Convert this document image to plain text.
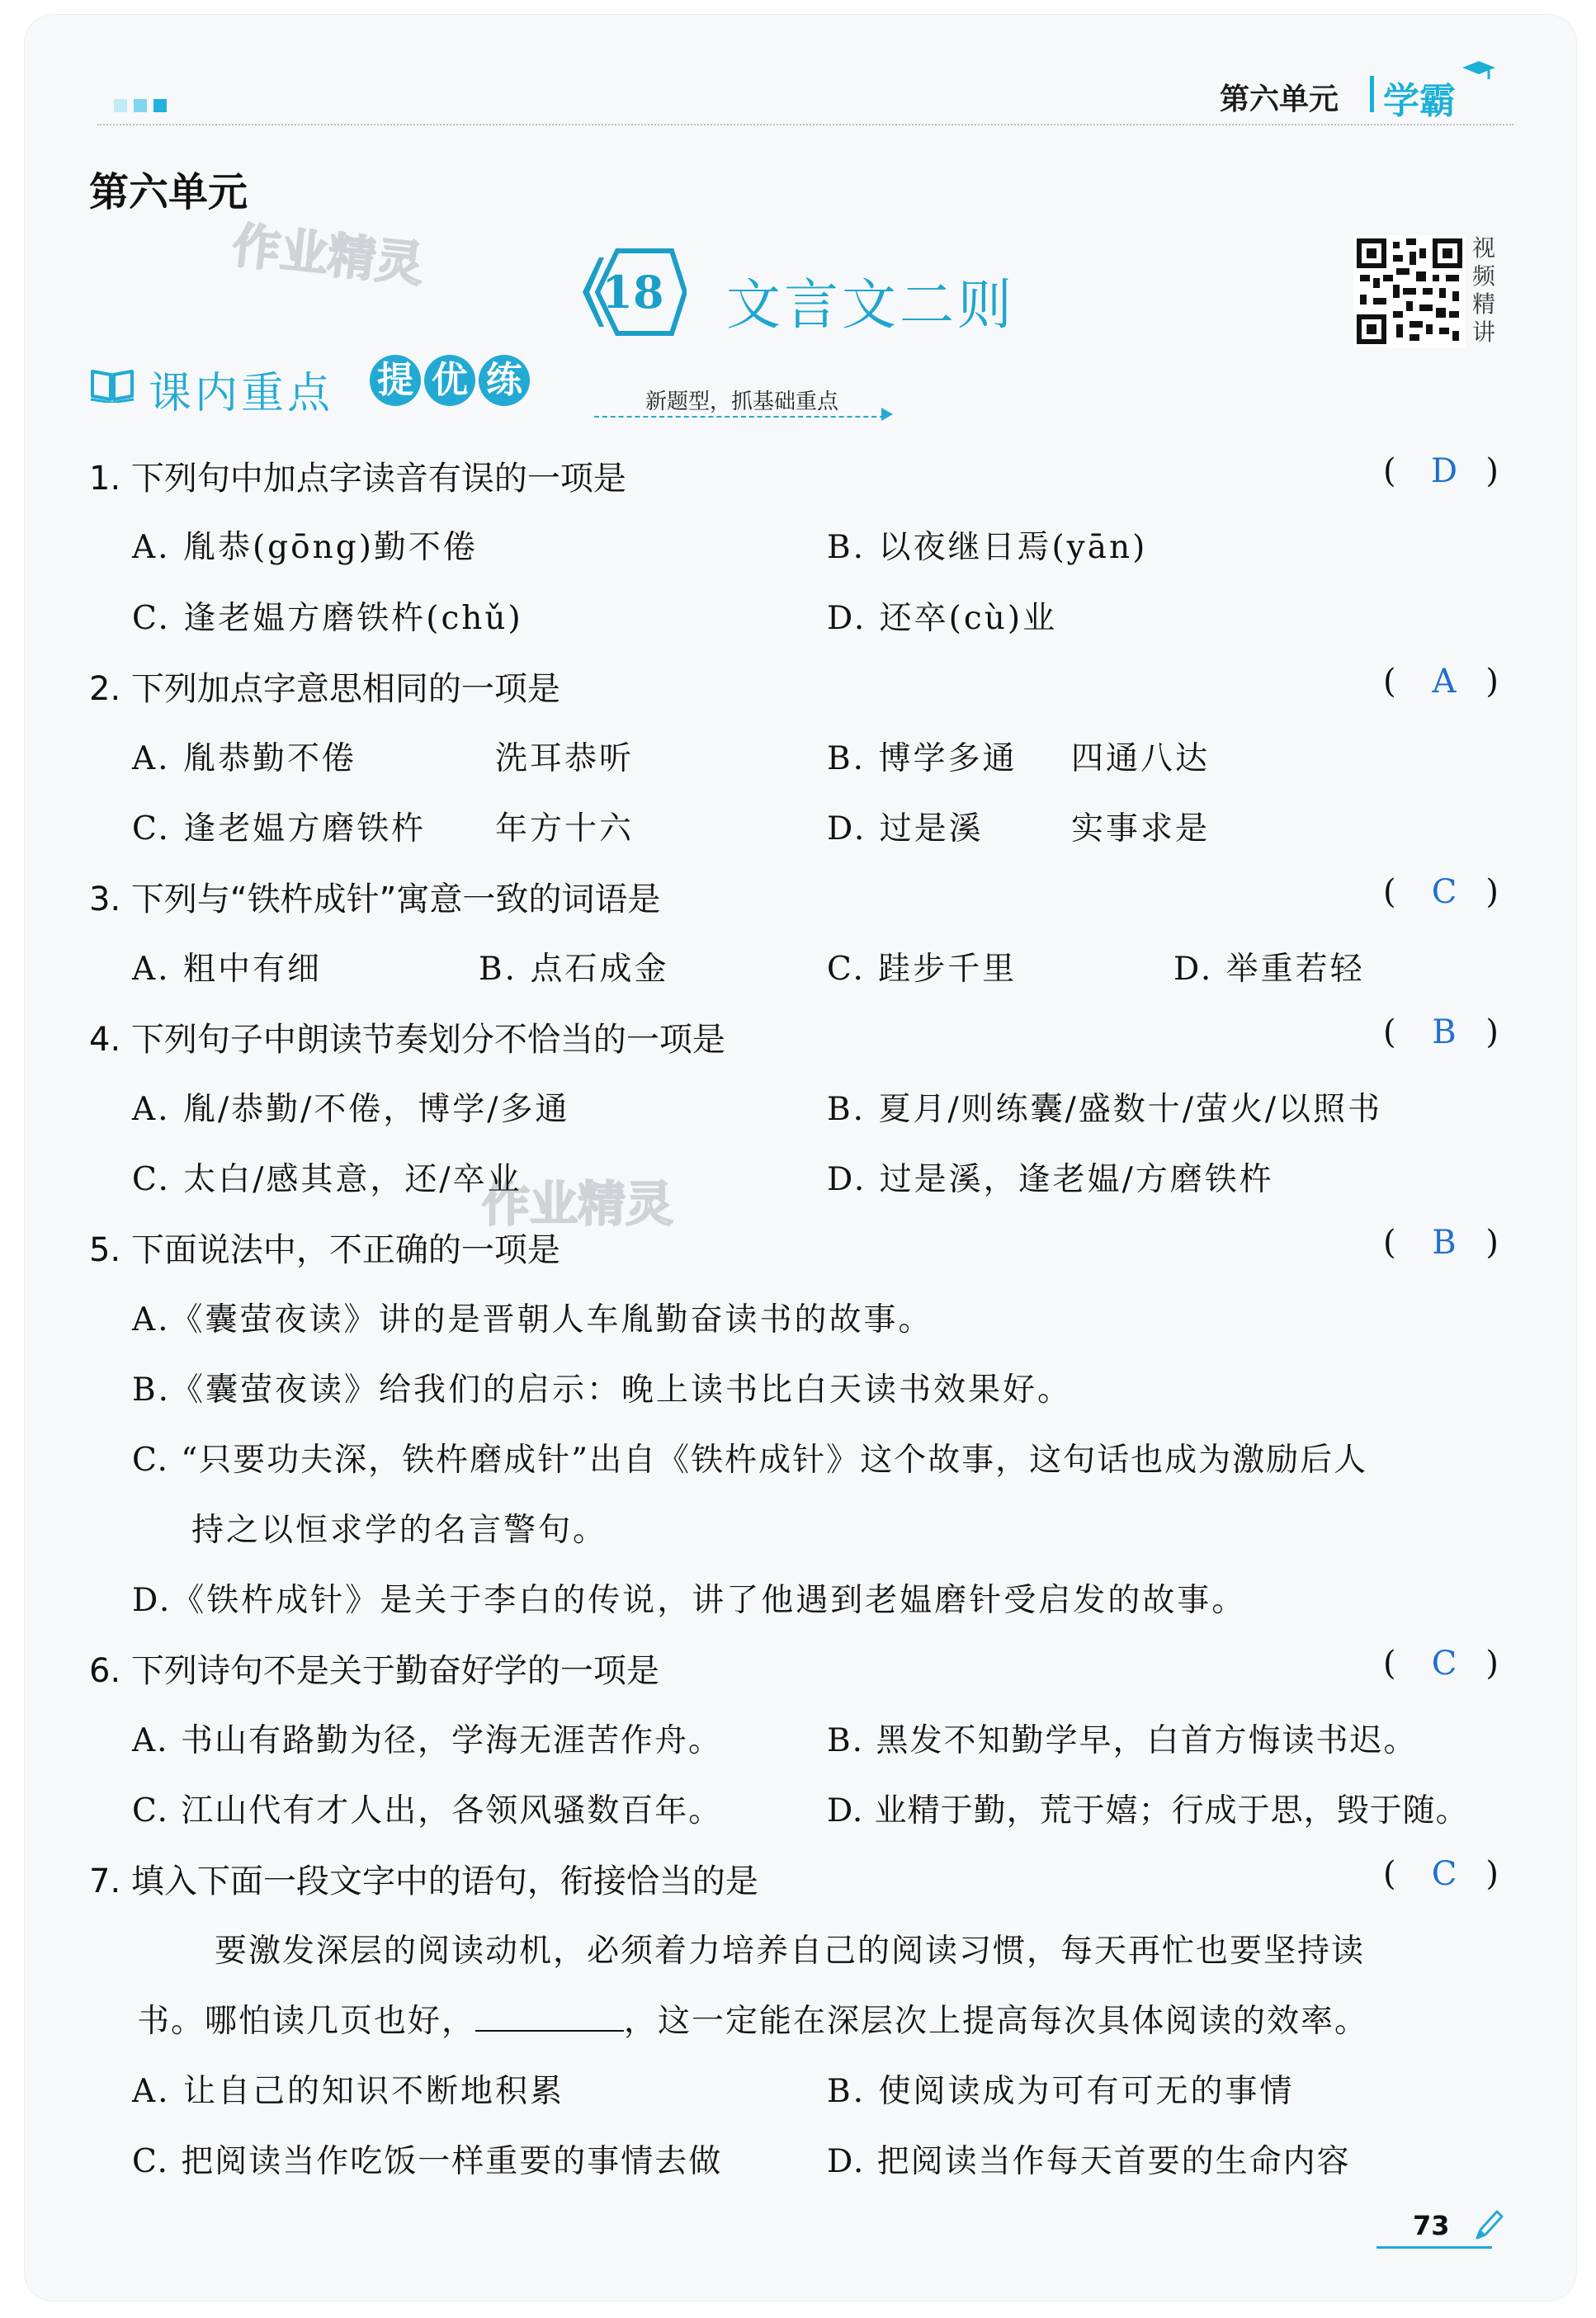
第六单元 学霸
第六单元
作业精灵
作业精灵
18	文言文二则
视
频
精
讲
课内重点 提 优 练
新题型，抓基础重点
1. 下列句中加点字读音有误的一项是	( D )
A. 胤恭(gōng)勤不倦	B. 以夜继日焉(yān)
C. 逢老媪方磨铁杵(chǔ)	D. 还卒(cù)业
2. 下列加点字意思相同的一项是	( A )
A. 胤恭勤不倦	洗耳恭听	B. 博学多通 四通八达
C. 逢老媪方磨铁杵 年方十六	D. 过是溪	实事求是
3. 下列与“铁杵成针”寓意一致的词语是	( C )
A. 粗中有细	B. 点石成金	C. 跬步千里	D. 举重若轻
4. 下列句子中朗读节奏划分不恰当的一项是	( B )
A. 胤/恭勤/不倦，博学/多通	B. 夏月/则练囊/盛数十/萤火/以照书
C. 太白/感其意，还/卒业	D. 过是溪，逢老媪/方磨铁杵
5. 下面说法中，不正确的一项是	( B )
A.《囊萤夜读》讲的是晋朝人车胤勤奋读书的故事。
B.《囊萤夜读》给我们的启示：晚上读书比白天读书效果好。
C. “只要功夫深，铁杵磨成针”出自《铁杵成针》这个故事，这句话也成为激励后人
持之以恒求学的名言警句。
D.《铁杵成针》是关于李白的传说，讲了他遇到老媪磨针受启发的故事。
6. 下列诗句不是关于勤奋好学的一项是	( C )
A. 书山有路勤为径，学海无涯苦作舟。	B. 黑发不知勤学早，白首方悔读书迟。
C. 江山代有才人出，各领风骚数百年。	D. 业精于勤，荒于嬉；行成于思，毁于随。
7. 填入下面一段文字中的语句，衔接恰当的是	( C )
要激发深层的阅读动机，必须着力培养自己的阅读习惯，每天再忙也要坚持读
书。哪怕读几页也好，	，这一定能在深层次上提高每次具体阅读的效率。
A. 让自己的知识不断地积累	B. 使阅读成为可有可无的事情
C. 把阅读当作吃饭一样重要的事情去做	D. 把阅读当作每天首要的生命内容
73
